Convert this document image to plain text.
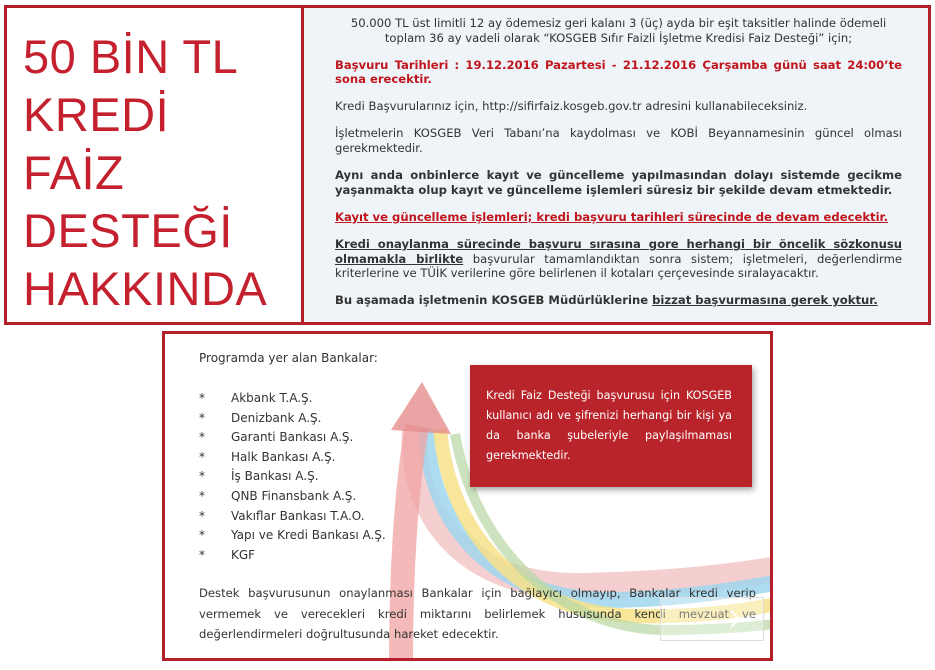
50 BİN TL
KREDİ
FAİZ
DESTEĞİ
HAKKINDA

50.000 TL üst limitli 12 ay ödemesiz geri kalanı 3 (üç) ayda bir eşit taksitler halinde ödemeli toplam 36 ay vadeli olarak “KOSGEB Sıfır Faizli İşletme Kredisi Faiz Desteği” için;

Başvuru Tarihleri : 19.12.2016 Pazartesi - 21.12.2016 Çarşamba günü saat 24:00’te sona erecektir.

Kredi Başvurularınız için, http://sifirfaiz.kosgeb.gov.tr adresini kullanabileceksiniz.

İşletmelerin KOSGEB Veri Tabanı’na kaydolması ve KOBİ Beyannamesinin güncel olması gerekmektedir.

Aynı anda onbinlerce kayıt ve güncelleme yapılmasından dolayı sistemde gecikme yaşanmakta olup kayıt ve güncelleme işlemleri süresiz bir şekilde devam etmektedir.

Kayıt ve güncelleme işlemleri; kredi başvuru tarihleri sürecinde de devam edecektir.

Kredi onaylanma sürecinde başvuru sırasına gore herhangi bir öncelik sözkonusu olmamakla birlikte başvurular tamamlandıktan sonra sistem; işletmeleri, değerlendirme kriterlerine ve TÜİK verilerine göre belirlenen il kotaları çerçevesinde sıralayacaktır.

Bu aşamada işletmenin KOSGEB Müdürlüklerine bizzat başvurmasına gerek yoktur.

Programda yer alan Bankalar:

* Akbank T.A.Ş.
* Denizbank A.Ş.
* Garanti Bankası A.Ş.
* Halk Bankası A.Ş.
* İş Bankası A.Ş.
* QNB Finansbank A.Ş.
* Vakıflar Bankası T.A.O.
* Yapı ve Kredi Bankası A.Ş.
* KGF

Kredi Faiz Desteği başvurusu için KOSGEB kullanıcı adı ve şifrenizi herhangi bir kişi ya da banka şubeleriyle paylaşılmaması gerekmektedir.

Destek başvurusunun onaylanması Bankalar için bağlayıcı olmayıp, Bankalar kredi verip vermemek ve verecekleri kredi miktarını belirlemek hususunda kendi mevzuat ve değerlendirmeleri doğrultusunda hareket edecektir.
